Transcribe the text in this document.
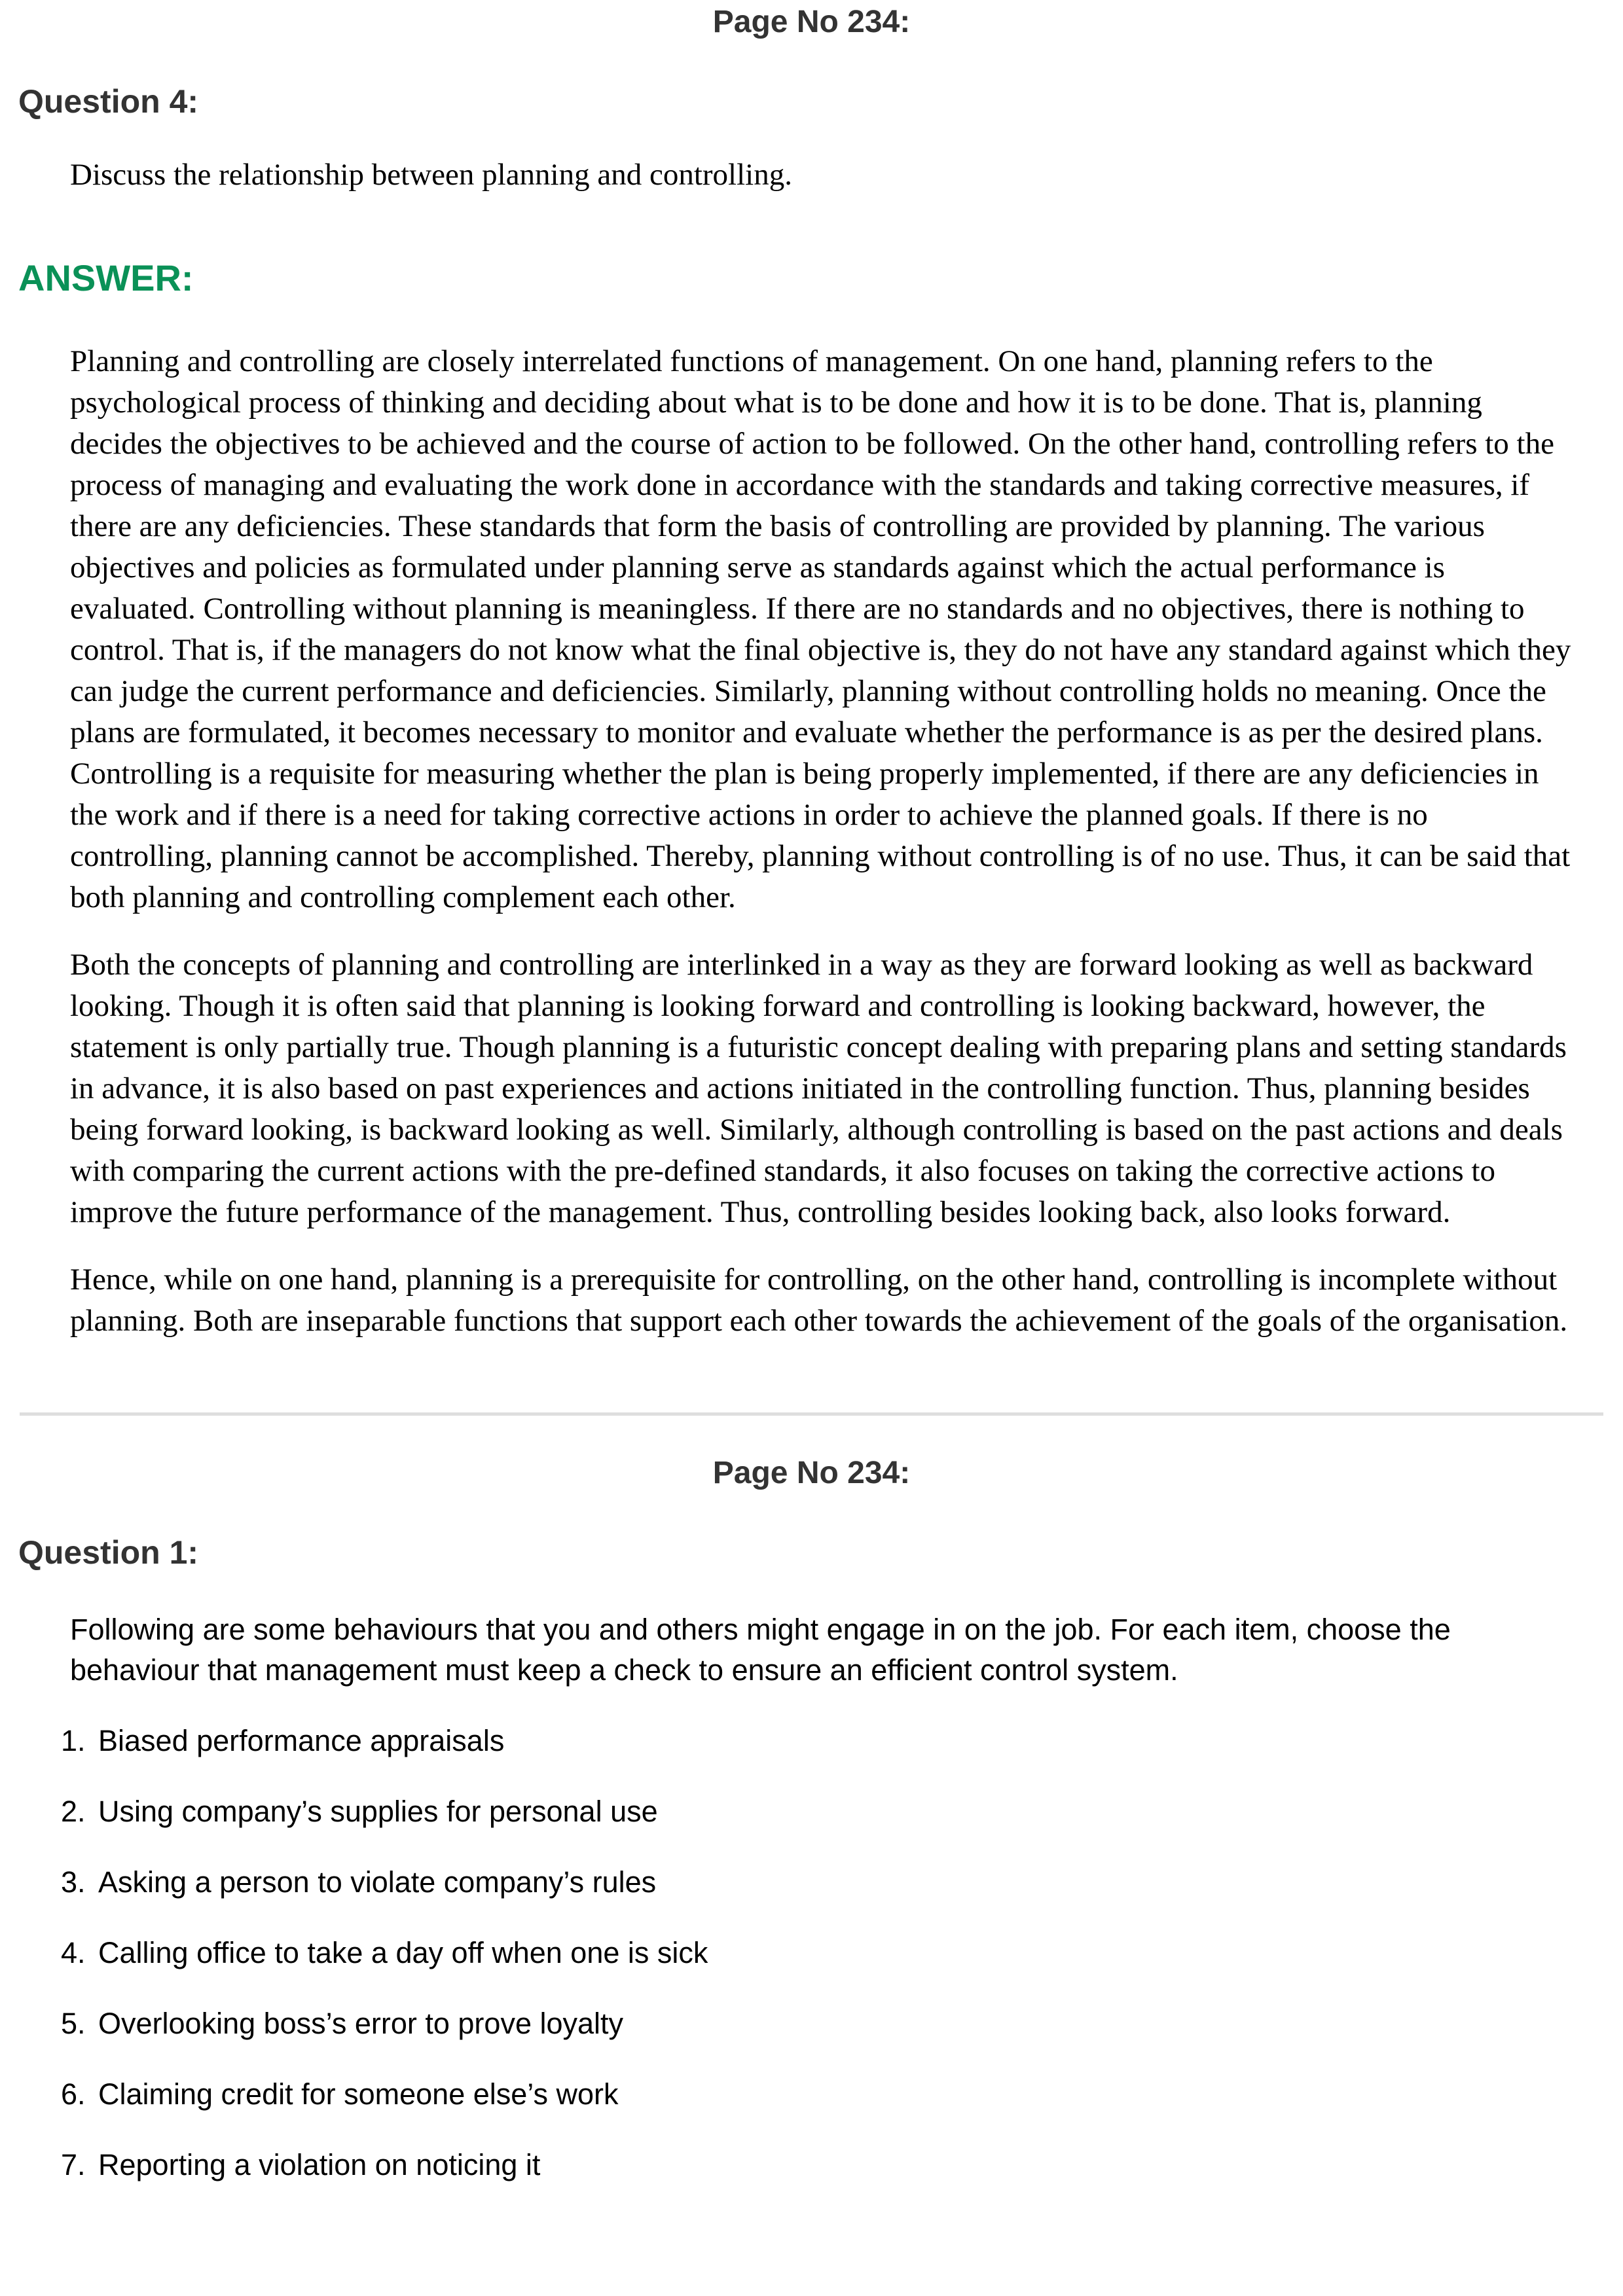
Page No 234:
Question 4:
Discuss the relationship between planning and controlling.
ANSWER:
Planning and controlling are closely interrelated functions of management. On one hand, planning refers to the psychological process of thinking and deciding about what is to be done and how it is to be done. That is, planning decides the objectives to be achieved and the course of action to be followed. On the other hand, controlling refers to the process of managing and evaluating the work done in accordance with the standards and taking corrective measures, if there are any deficiencies. These standards that form the basis of controlling are provided by planning. The various objectives and policies as formulated under planning serve as standards against which the actual performance is evaluated. Controlling without planning is meaningless. If there are no standards and no objectives, there is nothing to control. That is, if the managers do not know what the final objective is, they do not have any standard against which they can judge the current performance and deficiencies. Similarly, planning without controlling holds no meaning. Once the plans are formulated, it becomes necessary to monitor and evaluate whether the performance is as per the desired plans. Controlling is a requisite for measuring whether the plan is being properly implemented, if there are any deficiencies in the work and if there is a need for taking corrective actions in order to achieve the planned goals. If there is no controlling, planning cannot be accomplished. Thereby, planning without controlling is of no use. Thus, it can be said that both planning and controlling complement each other.
Both the concepts of planning and controlling are interlinked in a way as they are forward looking as well as backward looking. Though it is often said that planning is looking forward and controlling is looking backward, however, the statement is only partially true. Though planning is a futuristic concept dealing with preparing plans and setting standards in advance, it is also based on past experiences and actions initiated in the controlling function. Thus, planning besides being forward looking, is backward looking as well. Similarly, although controlling is based on the past actions and deals with comparing the current actions with the pre-defined standards, it also focuses on taking the corrective actions to improve the future performance of the management. Thus, controlling besides looking back, also looks forward.
Hence, while on one hand, planning is a prerequisite for controlling, on the other hand, controlling is incomplete without planning. Both are inseparable functions that support each other towards the achievement of the goals of the organisation.
Page No 234:
Question 1:
Following are some behaviours that you and others might engage in on the job. For each item, choose the behaviour that management must keep a check to ensure an efficient control system.
1. Biased performance appraisals
2. Using company’s supplies for personal use
3. Asking a person to violate company’s rules
4. Calling office to take a day off when one is sick
5. Overlooking boss’s error to prove loyalty
6. Claiming credit for someone else’s work
7. Reporting a violation on noticing it
